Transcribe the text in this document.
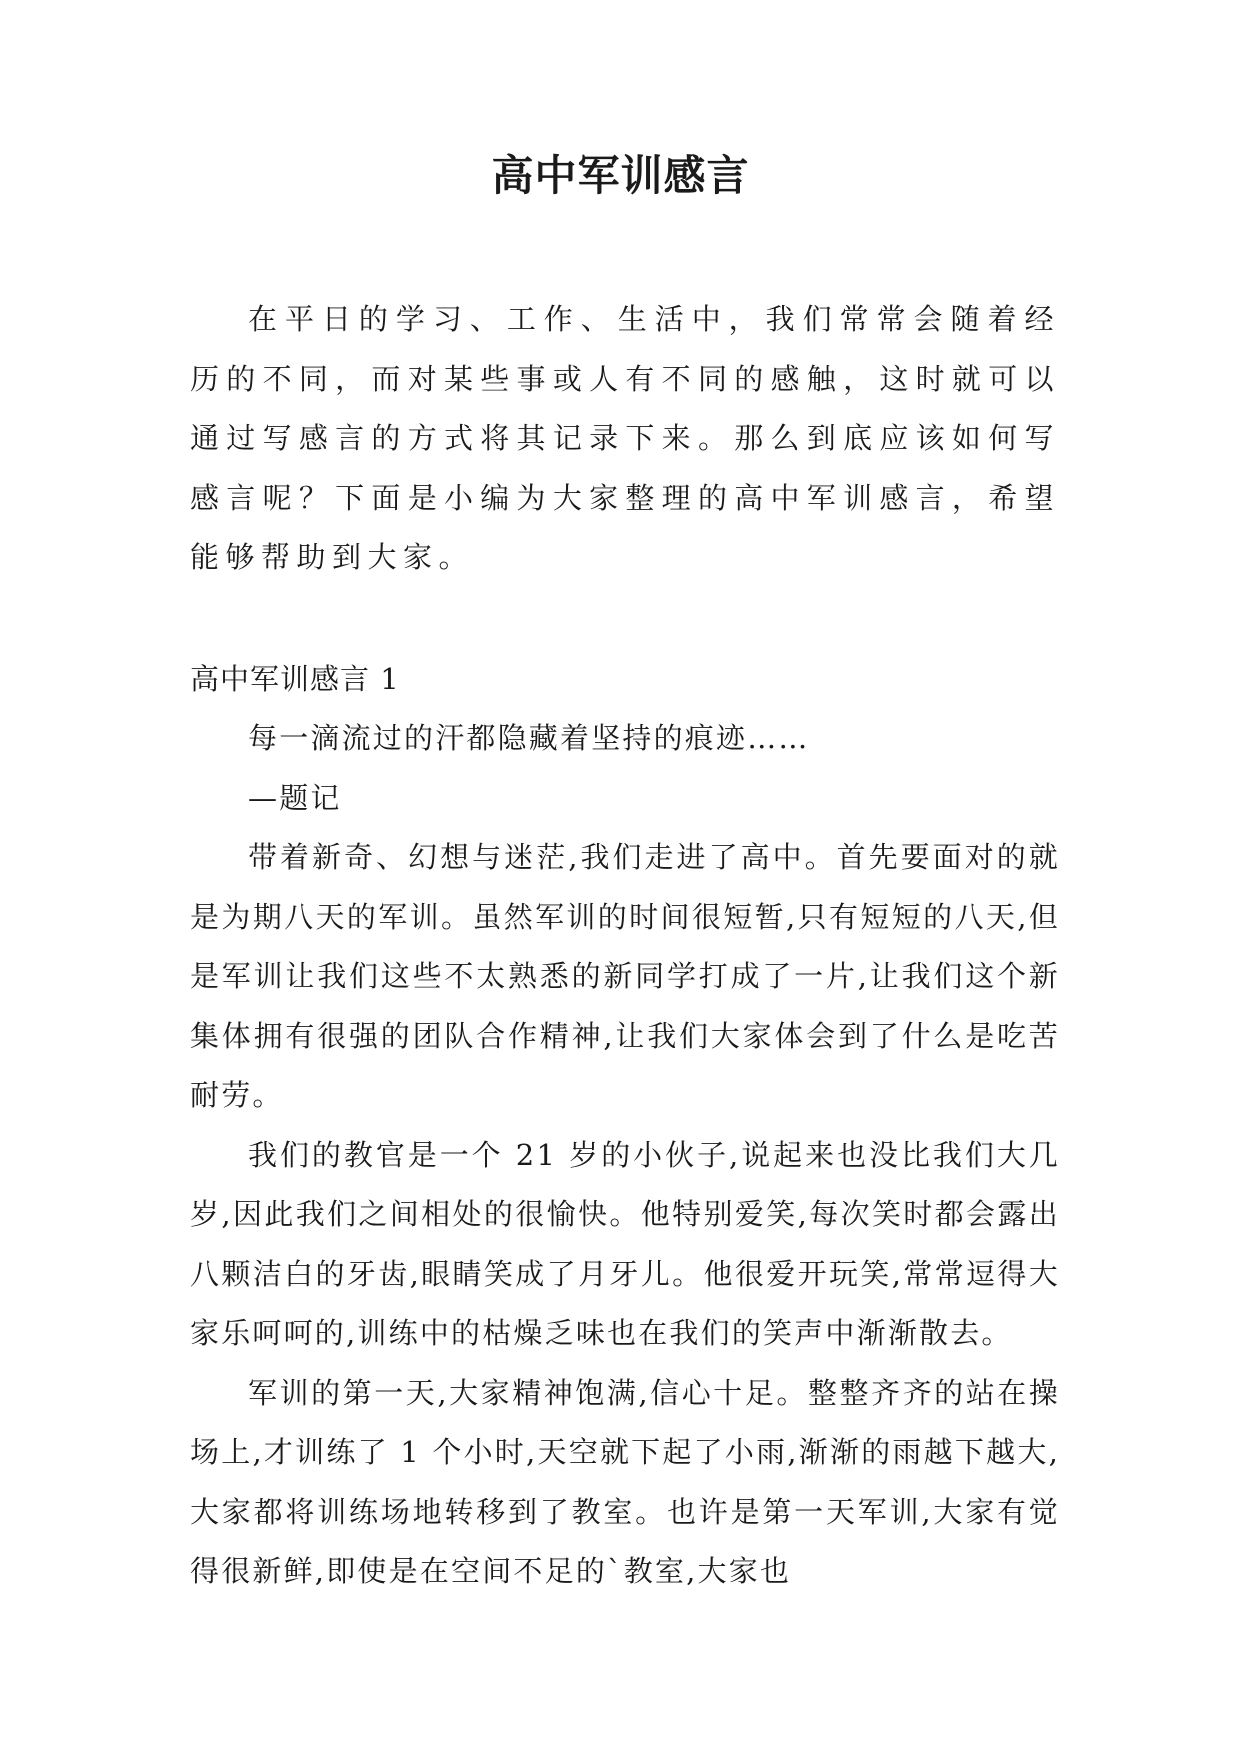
高中军训感言

在平日的学习、工作、生活中，我们常常会随着经历的不同，而对某些事或人有不同的感触，这时就可以通过写感言的方式将其记录下来。那么到底应该如何写感言呢？下面是小编为大家整理的高中军训感言，希望能够帮助到大家。

高中军训感言 1

每一滴流过的汗都隐藏着坚持的痕迹……

—题记

带着新奇、幻想与迷茫,我们走进了高中。首先要面对的就是为期八天的军训。虽然军训的时间很短暂,只有短短的八天,但是军训让我们这些不太熟悉的新同学打成了一片,让我们这个新集体拥有很强的团队合作精神,让我们大家体会到了什么是吃苦耐劳。

我们的教官是一个 21 岁的小伙子,说起来也没比我们大几岁,因此我们之间相处的很愉快。他特别爱笑,每次笑时都会露出八颗洁白的牙齿,眼睛笑成了月牙儿。他很爱开玩笑,常常逗得大家乐呵呵的,训练中的枯燥乏味也在我们的笑声中渐渐散去。

军训的第一天,大家精神饱满,信心十足。整整齐齐的站在操场上,才训练了 1 个小时,天空就下起了小雨,渐渐的雨越下越大,大家都将训练场地转移到了教室。也许是第一天军训,大家有觉得很新鲜,即使是在空间不足的`教室,大家也
